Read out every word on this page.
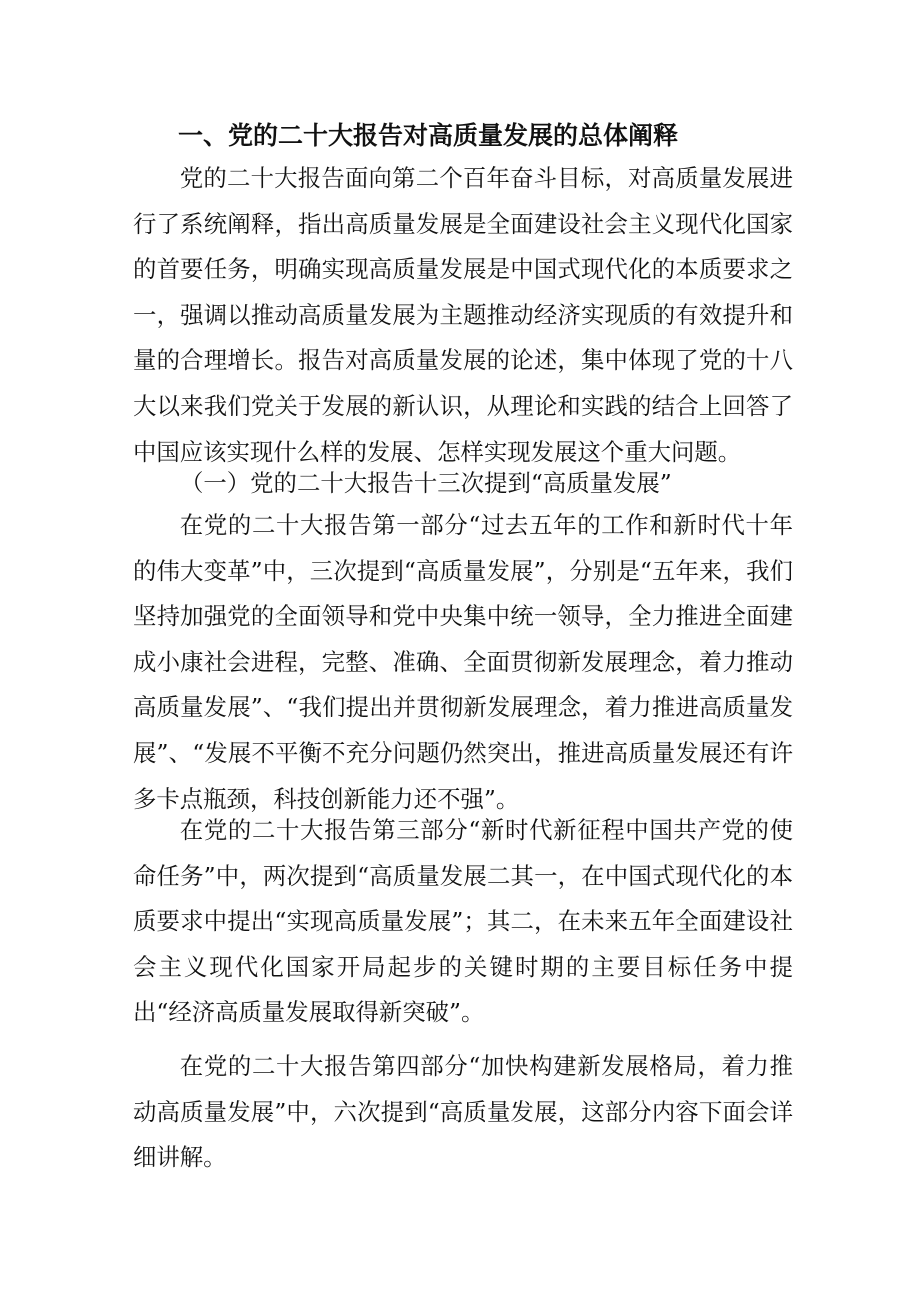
一、党的二十大报告对高质量发展的总体阐释

党的二十大报告面向第二个百年奋斗目标，对高质量发展进行了系统阐释，指出高质量发展是全面建设社会主义现代化国家的首要任务，明确实现高质量发展是中国式现代化的本质要求之一，强调以推动高质量发展为主题推动经济实现质的有效提升和量的合理增长。报告对高质量发展的论述，集中体现了党的十八大以来我们党关于发展的新认识，从理论和实践的结合上回答了中国应该实现什么样的发展、怎样实现发展这个重大问题。

（一）党的二十大报告十三次提到“高质量发展”

在党的二十大报告第一部分“过去五年的工作和新时代十年的伟大变革”中，三次提到“高质量发展”，分别是“五年来，我们坚持加强党的全面领导和党中央集中统一领导，全力推进全面建成小康社会进程，完整、准确、全面贯彻新发展理念，着力推动高质量发展”、“我们提出并贯彻新发展理念，着力推进高质量发展”、“发展不平衡不充分问题仍然突出，推进高质量发展还有许多卡点瓶颈，科技创新能力还不强”。

在党的二十大报告第三部分“新时代新征程中国共产党的使命任务”中，两次提到“高质量发展二其一，在中国式现代化的本质要求中提出“实现高质量发展”；其二，在未来五年全面建设社会主义现代化国家开局起步的关键时期的主要目标任务中提出“经济高质量发展取得新突破”。

在党的二十大报告第四部分“加快构建新发展格局，着力推动高质量发展”中，六次提到“高质量发展，这部分内容下面会详细讲解。
